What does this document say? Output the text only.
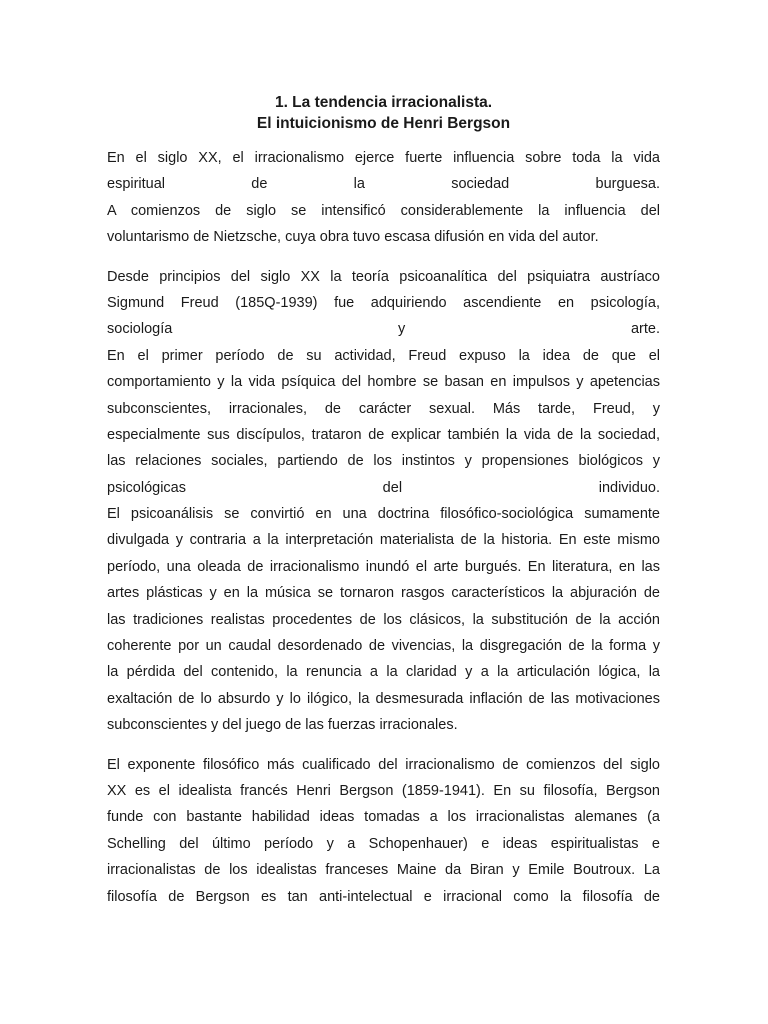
1. La tendencia irracionalista.
El intuicionismo de Henri Bergson
En el siglo XX, el irracionalismo ejerce fuerte influencia sobre toda la vida
espiritual de la sociedad burguesa.
A comienzos de siglo se intensificó considerablemente la influencia del
voluntarismo de Nietzsche, cuya obra tuvo escasa difusión en vida del autor.
Desde principios del siglo XX la teoría psicoanalítica del psiquiatra austríaco
Sigmund Freud (185Q-1939) fue adquiriendo ascendiente en psicología,
sociología y arte.
En el primer período de su actividad, Freud expuso la idea de que el
comportamiento y la vida psíquica del hombre se basan en impulsos y apetencias
subconscientes, irracionales, de carácter sexual. Más tarde, Freud, y
especialmente sus discípulos, trataron de explicar también la vida de la sociedad,
las relaciones sociales, partiendo de los instintos y propensiones biológicos y
psicológicas del individuo.
El psicoanálisis se convirtió en una doctrina filosófico-sociológica sumamente
divulgada y contraria a la interpretación materialista de la historia. En este mismo
período, una oleada de irracionalismo inundó el arte burgués. En literatura, en las
artes plásticas y en la música se tornaron rasgos característicos la abjuración de
las tradiciones realistas procedentes de los clásicos, la substitución de la acción
coherente por un caudal desordenado de vivencias, la disgregación de la forma y
la pérdida del contenido, la renuncia a la claridad y a la articulación lógica, la
exaltación de lo absurdo y lo ilógico, la desmesurada inflación de las motivaciones
subconscientes y del juego de las fuerzas irracionales.
El exponente filosófico más cualificado del irracionalismo de comienzos del siglo
XX es el idealista francés Henri Bergson (1859-1941). En su filosofía, Bergson
funde con bastante habilidad ideas tomadas a los irracionalistas alemanes (a
Schelling del último período y a Schopenhauer) e ideas espiritualistas e
irracionalistas de los idealistas franceses Maine da Biran y Emile Boutroux. La
filosofía de Bergson es tan anti-intelectual e irracional como la filosofía de
